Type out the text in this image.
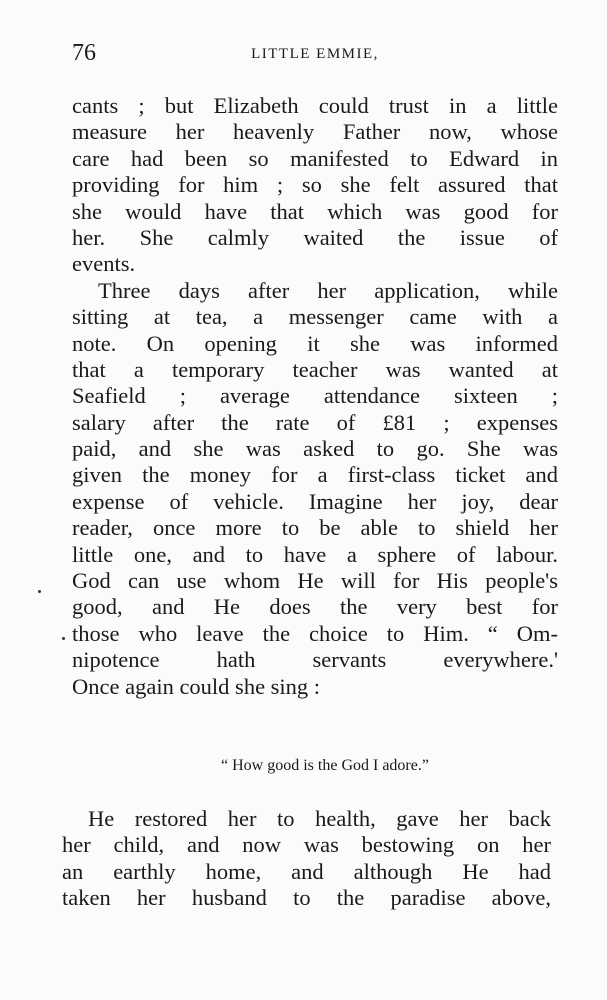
76	LITTLE EMMIE,
cants ; but Elizabeth could trust in a little
measure her heavenly Father now, whose
care had been so manifested to Edward in
providing for him ; so she felt assured that
she would have that which was good for
her. She calmly waited the issue of
events.
Three days after her application, while
sitting at tea, a messenger came with a
note. On opening it she was informed
that a temporary teacher was wanted at
Seafield ; average attendance sixteen ;
salary after the rate of £81 ; expenses
paid, and she was asked to go. She was
given the money for a first-class ticket and
expense of vehicle. Imagine her joy, dear
reader, once more to be able to shield her
little one, and to have a sphere of labour.
God can use whom He will for His people's
good, and He does the very best for
those who leave the choice to Him. “ Om-
nipotence hath servants everywhere.'
Once again could she sing :
“ How good is the God I adore.”
He restored her to health, gave her back
her child, and now was bestowing on her
an earthly home, and although He had
taken her husband to the paradise above,
